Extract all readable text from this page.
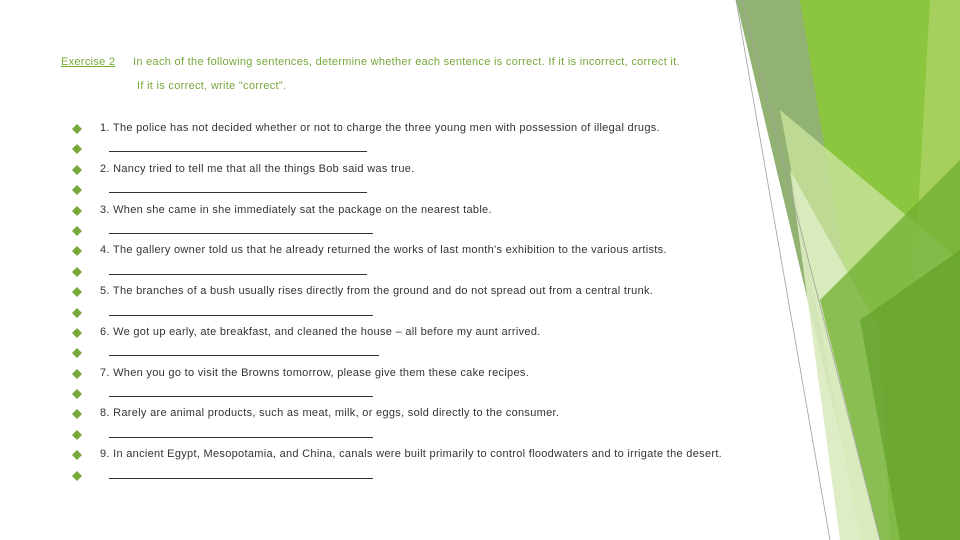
Exercise 2 In each of the following sentences, determine whether each sentence is correct. If it is incorrect, correct it.
If it is correct, write "correct".
1. The police has not decided whether or not to charge the three young men with possession of illegal drugs.
2. Nancy tried to tell me that all the things Bob said was true.
3. When she came in she immediately sat the package on the nearest table.
4. The gallery owner told us that he already returned the works of last month's exhibition to the various artists.
5. The branches of a bush usually rises directly from the ground and do not spread out from a central trunk.
6. We got up early, ate breakfast, and cleaned the house – all before my aunt arrived.
7. When you go to visit the Browns tomorrow, please give them these cake recipes.
8. Rarely are animal products, such as meat, milk, or eggs, sold directly to the consumer.
9. In ancient Egypt, Mesopotamia, and China, canals were built primarily to control floodwaters and to irrigate the desert.
